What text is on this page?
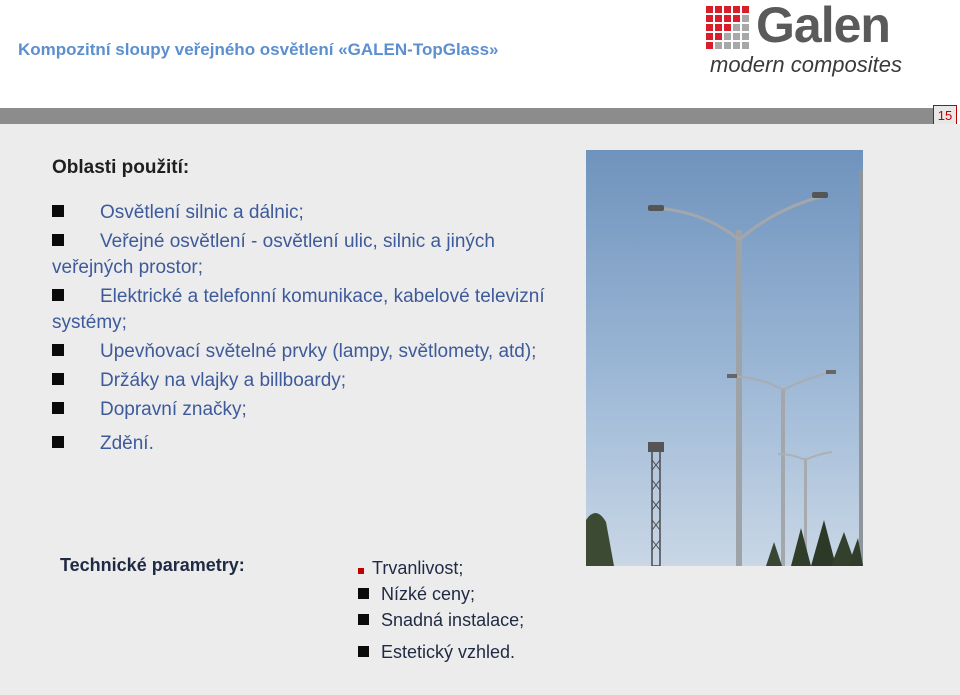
Kompozitní sloupy veřejného osvětlení «GALEN-TopGlass»	Galen
modern composites
15
Oblasti použití:
Osvětlení silnic a dálnic;
Veřejné osvětlení - osvětlení ulic, silnic a jiných veřejných prostor;
Elektrické a telefonní komunikace, kabelové televizní systémy;
Upevňovací světelné prvky (lampy, světlomety, atd);
Držáky na vlajky a billboardy;
Dopravní značky;
Zdění.
Technické parametry:	Trvanlivost;
Nízké ceny;
Snadná instalace;
Estetický vzhled.
